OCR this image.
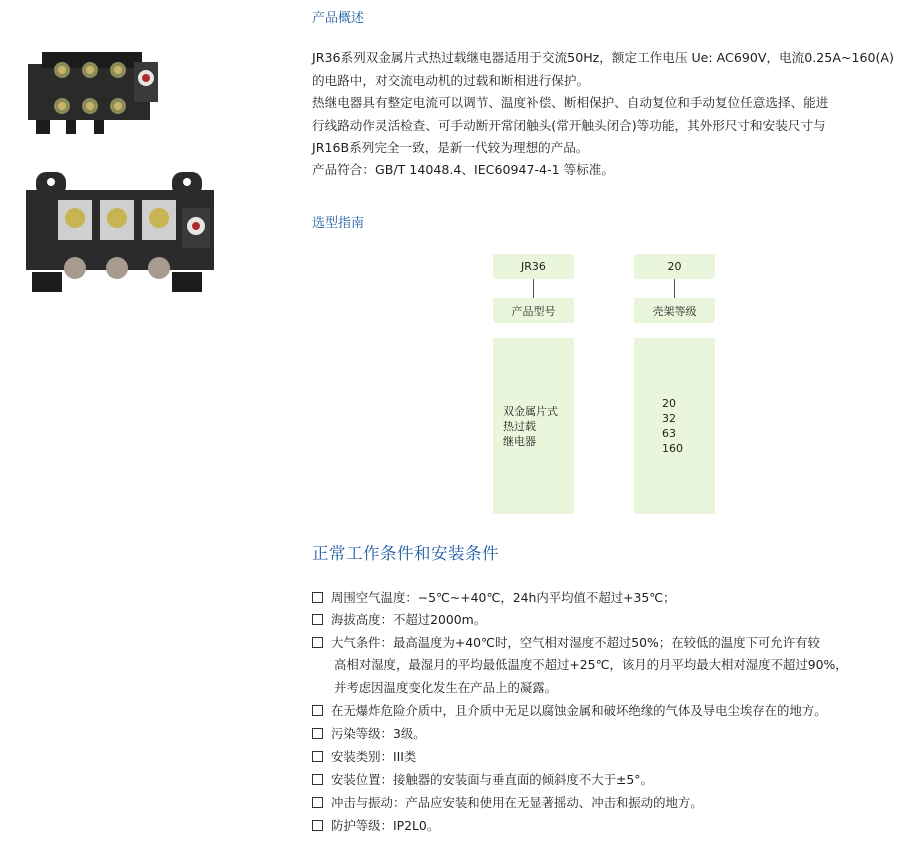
产品概述

JR36系列双金属片式热过载继电器适用于交流50Hz，额定工作电压 Ue: AC690V，电流0.25A~160(A)
的电路中，对交流电动机的过载和断相进行保护。

热继电器具有整定电流可以调节、温度补偿、断相保护、自动复位和手动复位任意选择、能进
行线路动作灵活检查、可手动断开常闭触头(常开触头闭合)等功能，其外形尺寸和安装尺寸与
JR16B系列完全一致，是新一代较为理想的产品。

产品符合：GB/T 14048.4、IEC60947-4-1 等标准。

选型指南
JR36	20
产品型号	壳架等级
双金属片式
热过载
继电器
20
32
63
160
正常工作条件和安装条件
周围空气温度：−5℃~+40℃，24h内平均值不超过+35℃；
海拔高度：不超过2000m。
大气条件：最高温度为+40℃时，空气相对湿度不超过50%；在较低的温度下可允许有较
高相对湿度，最湿月的平均最低温度不超过+25℃，该月的月平均最大相对湿度不超过90%，
并考虑因温度变化发生在产品上的凝露。
在无爆炸危险介质中，且介质中无足以腐蚀金属和破坏绝缘的气体及导电尘埃存在的地方。
污染等级：3级。
安装类别：III类
安装位置：接触器的安装面与垂直面的倾斜度不大于±5°。
冲击与振动：产品应安装和使用在无显著摇动、冲击和振动的地方。
防护等级：IP2L0。
